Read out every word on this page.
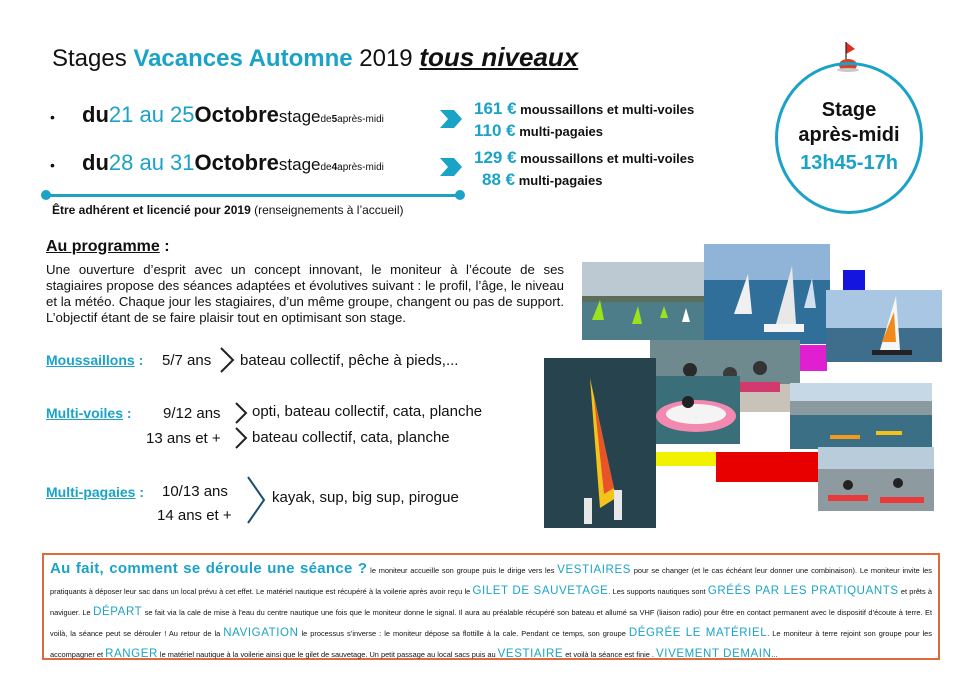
Stages Vacances Automne 2019 tous niveaux
•	du 21 au 25 Octobre stage de 5 après-midi
161 € moussaillons et multi-voiles
110 € multi-pagaies
•	du 28 au 31 Octobre stage de 4 après-midi
129 € moussaillons et multi-voiles
88 € multi-pagaies
Être adhérent et licencié pour 2019 (renseignements à l’accueil)
Stage
après-midi
13h45-17h
Au programme :
Une ouverture d’esprit avec un concept innovant, le moniteur à l’écoute de ses stagiaires propose des séances adaptées et évolutives suivant : le profil, l’âge, le niveau et la météo. Chaque jour les stagiaires, d’un même groupe, changent ou pas de support. L’objectif étant de se faire plaisir tout en optimisant son stage.
Moussaillons : 5/7 ans bateau collectif, pêche à pieds,...
Multi-voiles : 9/12 ans opti, bateau collectif, cata, planche
13 ans et + bateau collectif, cata, planche
Multi-pagaies : 10/13 ans
14 ans et +
kayak, sup, big sup, pirogue
Au fait, comment se déroule une séance ? le moniteur accueille son groupe puis le dirige vers les VESTIAIRES pour se changer (et le cas échéant leur donner une combinaison). Le moniteur invite les pratiquants à déposer leur sac dans un local prévu à cet effet. Le matériel nautique est récupéré à la voilerie après avoir reçu le GILET DE SAUVETAGE. Les supports nautiques sont GRÉÉS PAR LES PRATIQUANTS et prêts à naviguer. Le DÉPART se fait via la cale de mise à l’eau du centre nautique une fois que le moniteur donne le signal. Il aura au préalable récupéré son bateau et allumé sa VHF (liaison radio) pour être en contact permanent avec le dispositif d’écoute à terre. Et voilà, la séance peut se dérouler ! Au retour de la NAVIGATION le processus s’inverse : le moniteur dépose sa flottille à la cale. Pendant ce temps, son groupe DÉGRÉE LE MATÉRIEL. Le moniteur à terre rejoint son groupe pour les accompagner et RANGER le matériel nautique à la voilerie ainsi que le gilet de sauvetage. Un petit passage au local sacs puis au VESTIAIRE et voilà la séance est finie . VIVEMENT DEMAIN...
